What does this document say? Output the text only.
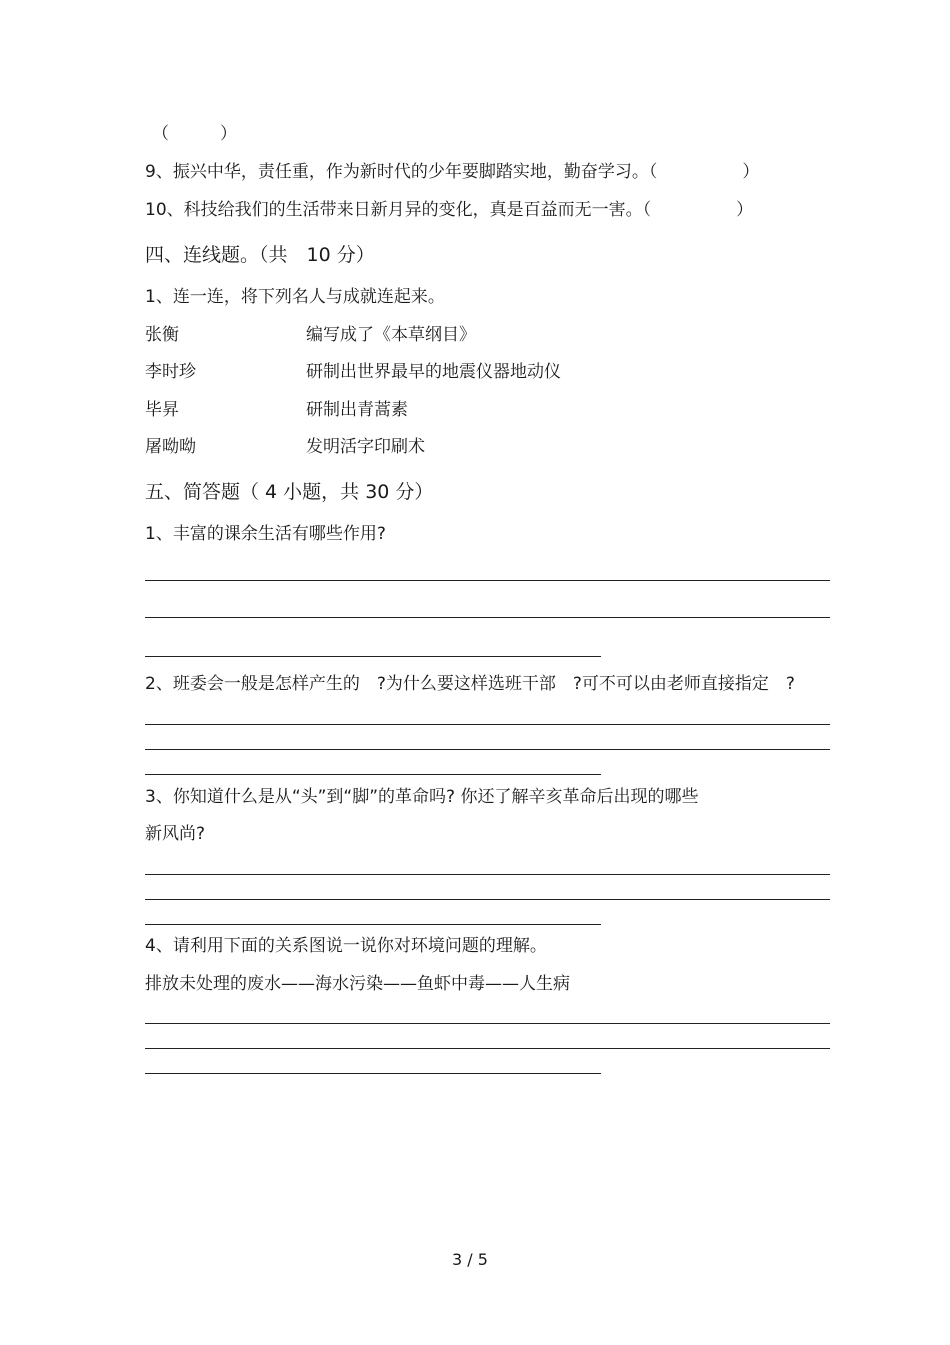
（　　　）
9、振兴中华，责任重，作为新时代的少年要脚踏实地，勤奋学习。（　　　　　）
10、科技给我们的生活带来日新月异的变化，真是百益而无一害。（　　　　　）
四、连线题。（共　10 分）
1、连一连，将下列名人与成就连起来。
张衡	编写成了《本草纲目》
李时珍	研制出世界最早的地震仪器地动仪
毕昇	研制出青蒿素
屠呦呦	发明活字印刷术
五、简答题（ 4 小题，共 30 分）
1、丰富的课余生活有哪些作用?
2、班委会一般是怎样产生的　?为什么要这样选班干部　?可不可以由老师直接指定　?
3、你知道什么是从“头”到“脚”的革命吗? 你还了解辛亥革命后出现的哪些
新风尚?
4、请利用下面的关系图说一说你对环境问题的理解。
排放未处理的废水——海水污染——鱼虾中毒——人生病
3 / 5
